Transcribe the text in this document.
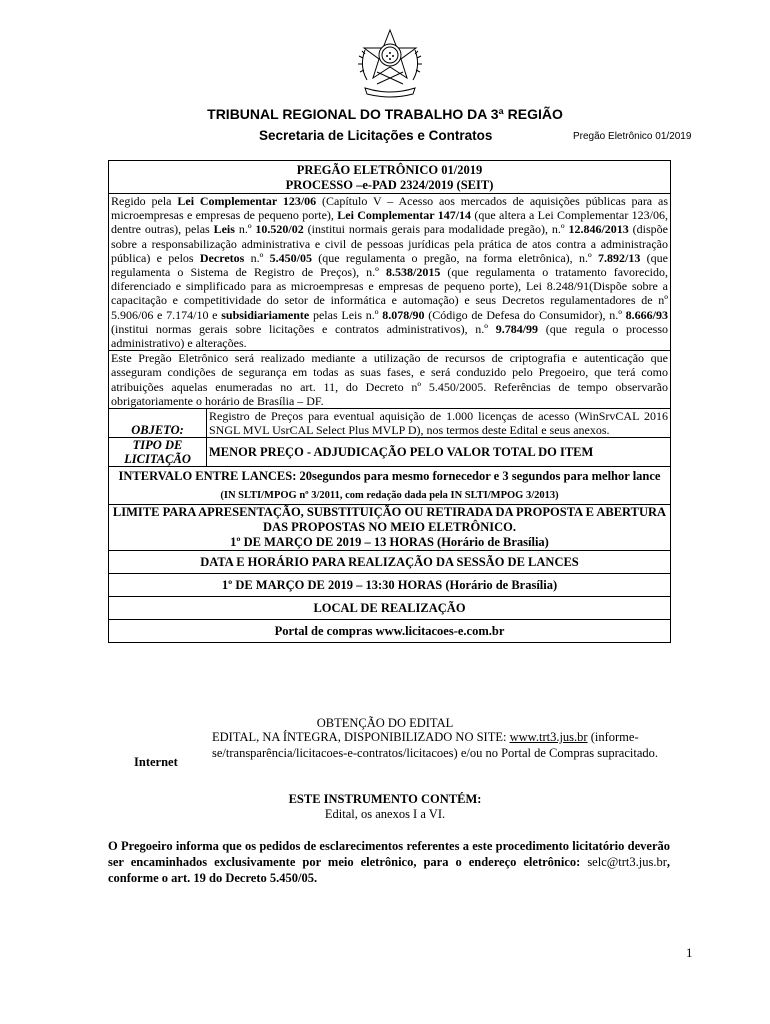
TRIBUNAL REGIONAL DO TRABALHO DA 3ª REGIÃO
Secretaria de Licitações e Contratos	Pregão Eletrônico 01/2019
PREGÃO ELETRÔNICO 01/2019
PROCESSO –e-PAD 2324/2019 (SEIT)	

Regido pela Lei Complementar 123/06 (Capítulo V – Acesso aos mercados de aquisições públicas para as microempresas e empresas de pequeno porte), Lei Complementar 147/14 (que altera a Lei Complementar 123/06, dentre outras), pelas Leis n.º 10.520/02 (institui normais gerais para modalidade pregão), n.º 12.846/2013 (dispõe sobre a responsabilização administrativa e civil de pessoas jurídicas pela prática de atos contra a administração pública) e pelos Decretos n.º 5.450/05 (que regulamenta o pregão, na forma eletrônica), n.º 7.892/13 (que regulamenta o Sistema de Registro de Preços), n.º 8.538/2015 (que regulamenta o tratamento favorecido, diferenciado e simplificado para as microempresas e empresas de pequeno porte), Lei 8.248/91(Dispõe sobre a capacitação e competitividade do setor de informática e automação) e seus Decretos regulamentadores de nº 5.906/06 e 7.174/10 e subsidiariamente pelas Leis n.º 8.078/90 (Código de Defesa do Consumidor), n.º 8.666/93 (institui normas gerais sobre licitações e contratos administrativos), n.º 9.784/99 (que regula o processo administrativo) e alterações.	
Este Pregão Eletrônico será realizado mediante a utilização de recursos de criptografia e autenticação que asseguram condições de segurança em todas as suas fases, e será conduzido pelo Pregoeiro, que terá como atribuições aquelas enumeradas no art. 11, do Decreto nº 5.450/2005. Referências de tempo observarão obrigatoriamente o horário de Brasília – DF.	
OBJETO:	Registro de Preços para eventual aquisição de 1.000 licenças de acesso (WinSrvCAL 2016 SNGL MVL UsrCAL Select Plus MVLP D), nos termos deste Edital e seus anexos.
TIPO DE LICITAÇÃO	MENOR PREÇO - ADJUDICAÇÃO PELO VALOR TOTAL DO ITEM
INTERVALO ENTRE LANCES: 20segundos para mesmo fornecedor e 3 segundos para melhor lance (IN SLTI/MPOG nº 3/2011, com redação dada pela IN SLTI/MPOG 3/2013)	

LIMITE PARA APRESENTAÇÃO, SUBSTITUIÇÃO OU RETIRADA DA PROPOSTA E ABERTURA DAS PROPOSTAS NO MEIO ELETRÔNICO.
1º DE MARÇO DE 2019 – 13 HORAS (Horário de Brasília)	

DATA E HORÁRIO PARA REALIZAÇÃO DA SESSÃO DE LANCES	
1º DE MARÇO DE 2019 – 13:30 HORAS (Horário de Brasília)	
LOCAL DE REALIZAÇÃO	
Portal de compras www.licitacoes-e.com.br	
OBTENÇÃO DO EDITAL
Internet
EDITAL, NA ÍNTEGRA, DISPONIBILIZADO NO SITE: www.trt3.jus.br (informe-se/transparência/licitacoes-e-contratos/licitacoes) e/ou no Portal de Compras supracitado.
ESTE INSTRUMENTO CONTÉM:
Edital, os anexos I a VI.
O Pregoeiro informa que os pedidos de esclarecimentos referentes a este procedimento licitatório deverão ser encaminhados exclusivamente por meio eletrônico, para o endereço eletrônico: selc@trt3.jus.br, conforme o art. 19 do Decreto 5.450/05.
1
